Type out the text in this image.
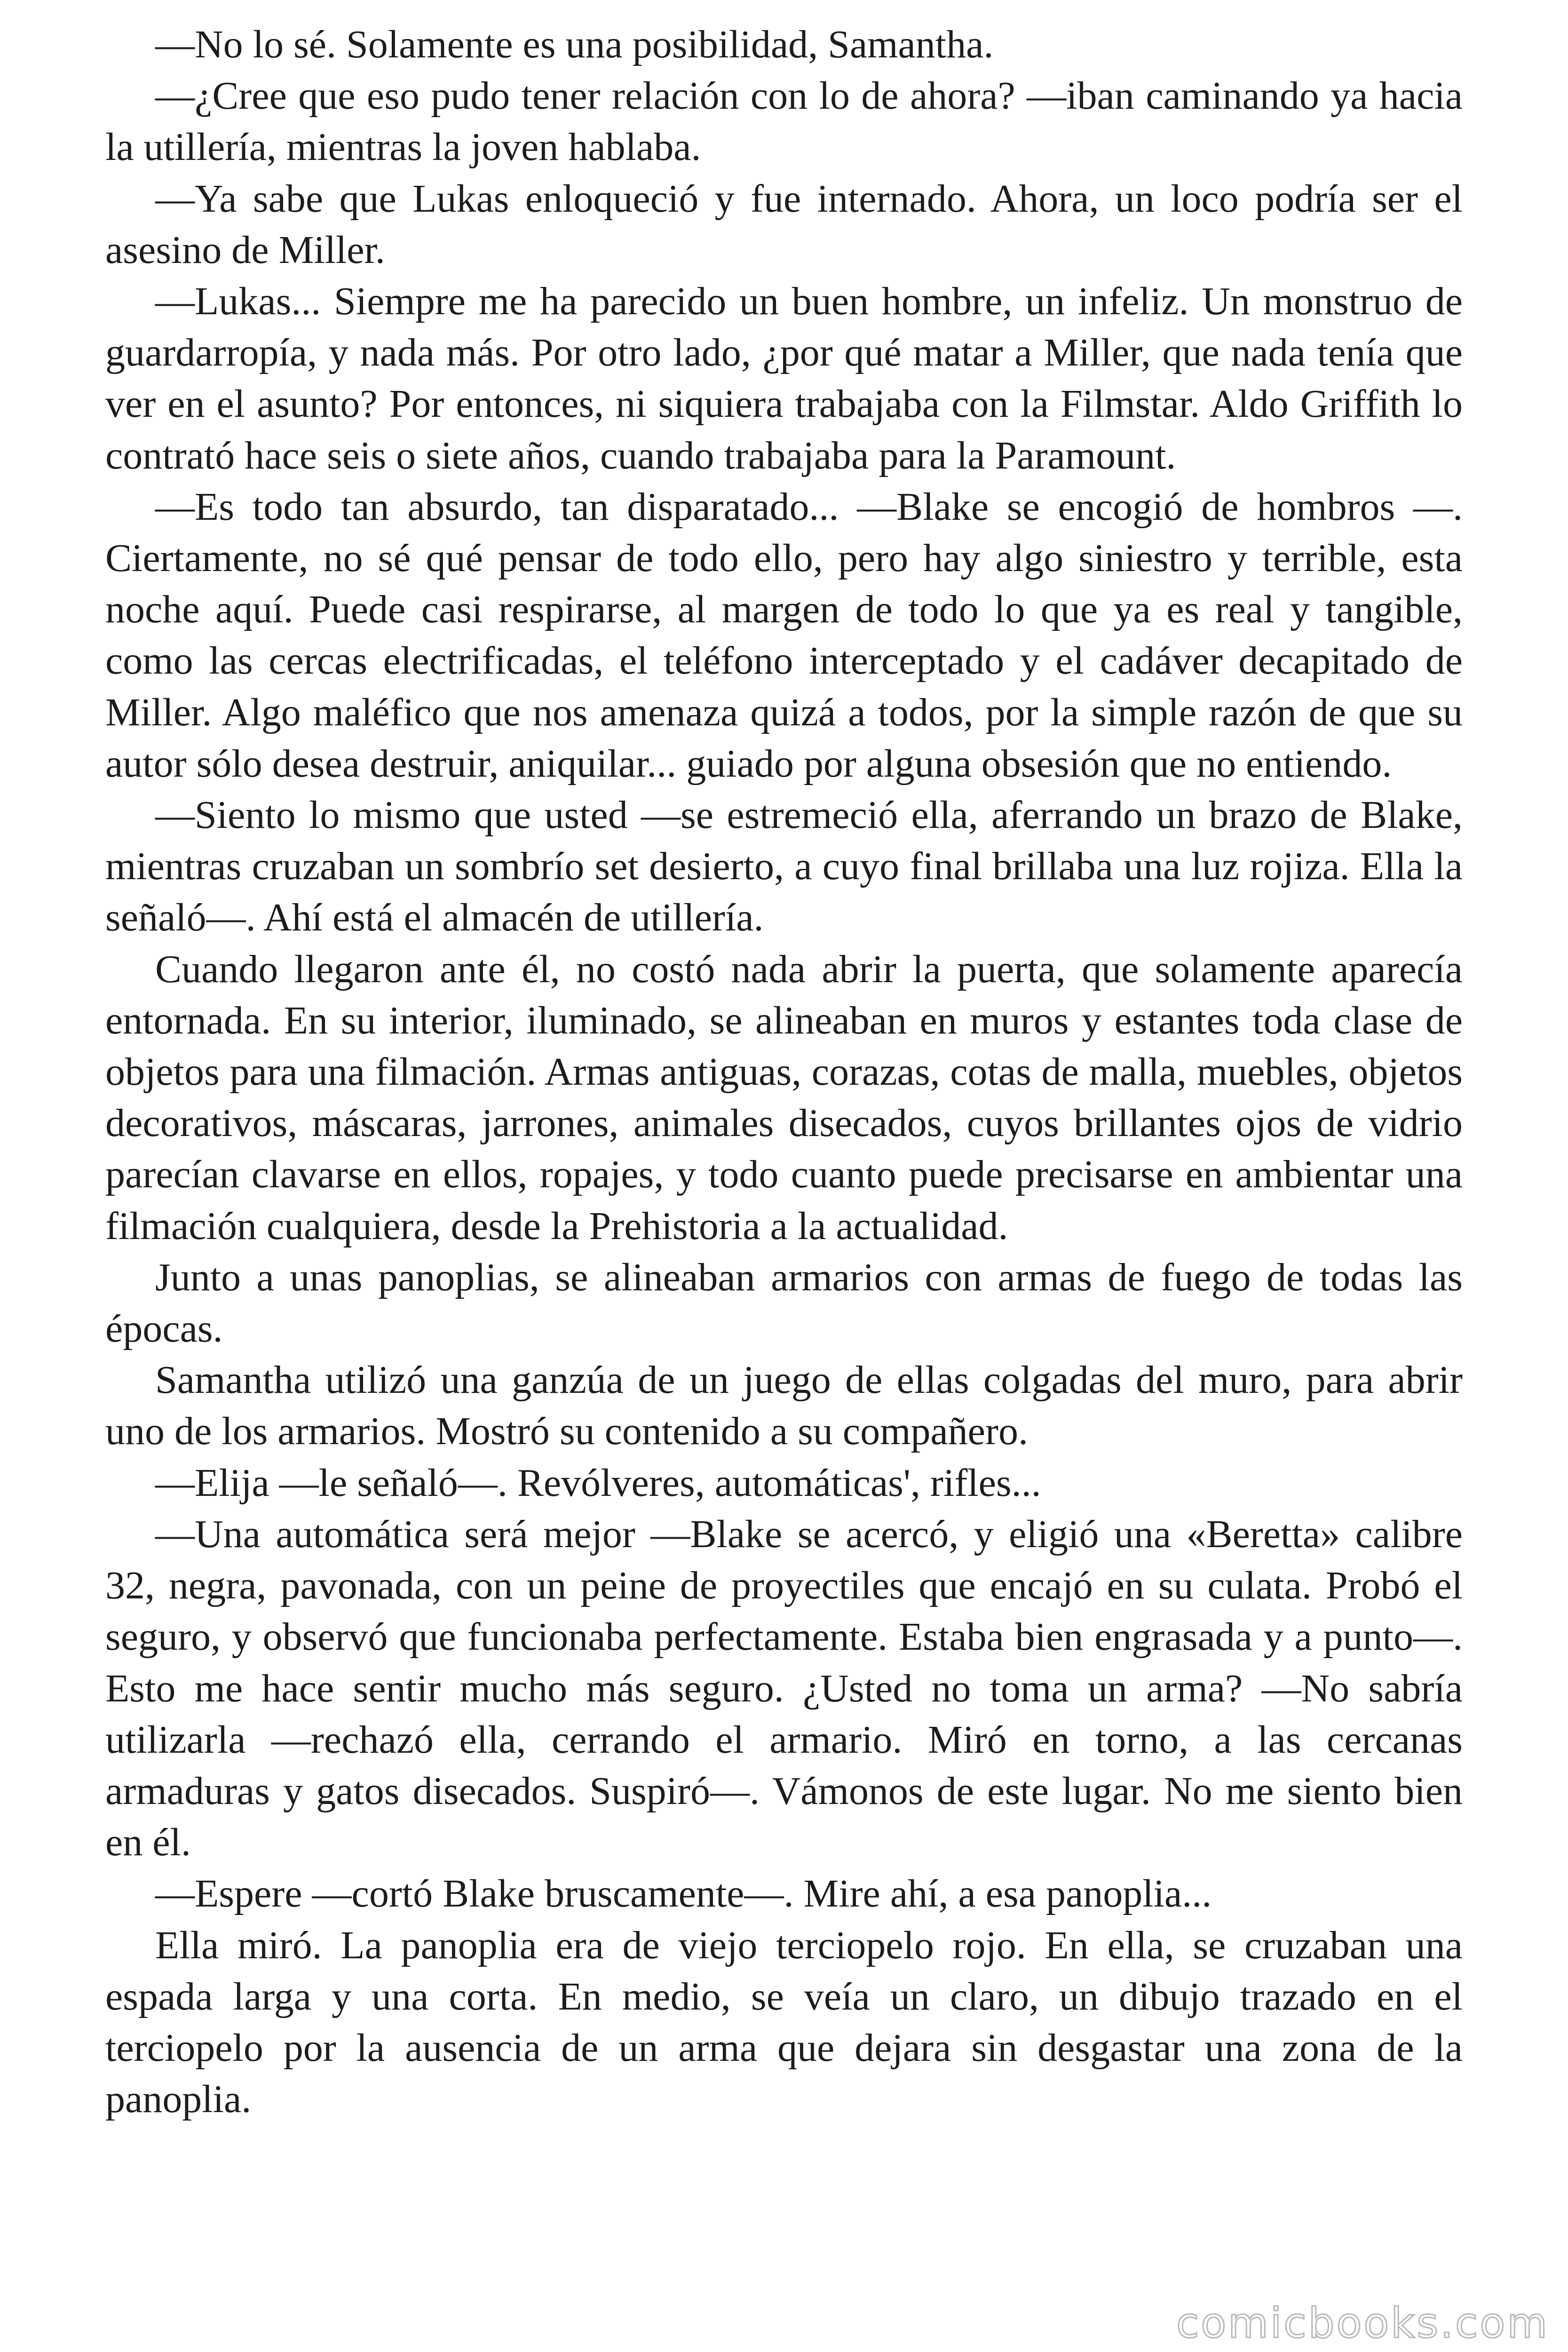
—No lo sé. Solamente es una posibilidad, Samantha.

—¿Cree que eso pudo tener relación con lo de ahora? —iban caminando ya hacia la utillería, mientras la joven hablaba.

—Ya sabe que Lukas enloqueció y fue internado. Ahora, un loco podría ser el asesino de Miller.

—Lukas... Siempre me ha parecido un buen hombre, un infeliz. Un monstruo de guardarropía, y nada más. Por otro lado, ¿por qué matar a Miller, que nada tenía que ver en el asunto? Por entonces, ni siquiera trabajaba con la Filmstar. Aldo Griffith lo contrató hace seis o siete años, cuando trabajaba para la Paramount.

—Es todo tan absurdo, tan disparatado... —Blake se encogió de hombros —. Ciertamente, no sé qué pensar de todo ello, pero hay algo siniestro y terrible, esta noche aquí. Puede casi respirarse, al margen de todo lo que ya es real y tangible, como las cercas electrificadas, el teléfono interceptado y el cadáver decapitado de Miller. Algo maléfico que nos amenaza quizá a todos, por la simple razón de que su autor sólo desea destruir, aniquilar... guiado por alguna obsesión que no entiendo.

—Siento lo mismo que usted —se estremeció ella, aferrando un brazo de Blake, mientras cruzaban un sombrío set desierto, a cuyo final brillaba una luz rojiza. Ella la señaló—. Ahí está el almacén de utillería.

Cuando llegaron ante él, no costó nada abrir la puerta, que solamente aparecía entornada. En su interior, iluminado, se alineaban en muros y estantes toda clase de objetos para una filmación. Armas antiguas, corazas, cotas de malla, muebles, objetos decorativos, máscaras, jarrones, animales disecados, cuyos brillantes ojos de vidrio parecían clavarse en ellos, ropajes, y todo cuanto puede precisarse en ambientar una filmación cualquiera, desde la Prehistoria a la actualidad.

Junto a unas panoplias, se alineaban armarios con armas de fuego de todas las épocas.

Samantha utilizó una ganzúa de un juego de ellas colgadas del muro, para abrir uno de los armarios. Mostró su contenido a su compañero.

—Elija —le señaló—. Revólveres, automáticas', rifles...

—Una automática será mejor —Blake se acercó, y eligió una «Beretta» calibre 32, negra, pavonada, con un peine de proyectiles que encajó en su culata. Probó el seguro, y observó que funcionaba perfectamente. Estaba bien engrasada y a punto—. Esto me hace sentir mucho más seguro. ¿Usted no toma un arma? —No sabría utilizarla —rechazó ella, cerrando el armario. Miró en torno, a las cercanas armaduras y gatos disecados. Suspiró—. Vámonos de este lugar. No me siento bien en él.

—Espere —cortó Blake bruscamente—. Mire ahí, a esa panoplia...

Ella miró. La panoplia era de viejo terciopelo rojo. En ella, se cruzaban una espada larga y una corta. En medio, se veía un claro, un dibujo trazado en el terciopelo por la ausencia de un arma que dejara sin desgastar una zona de la panoplia.

comicbooks.com
